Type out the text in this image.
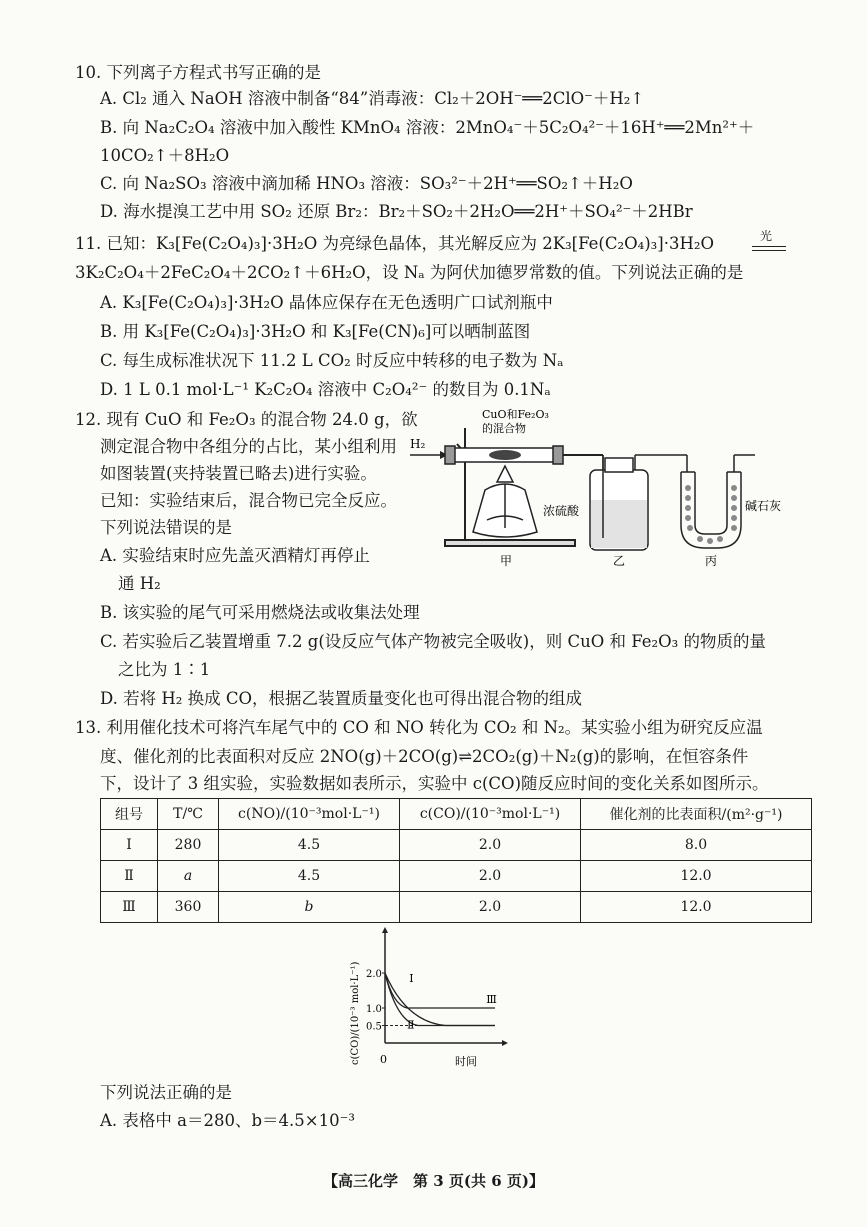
10. 下列离子方程式书写正确的是
A. Cl₂ 通入 NaOH 溶液中制备“84”消毒液：Cl₂＋2OH⁻══2ClO⁻＋H₂↑
B. 向 Na₂C₂O₄ 溶液中加入酸性 KMnO₄ 溶液：2MnO₄⁻＋5C₂O₄²⁻＋16H⁺══2Mn²⁺＋
10CO₂↑＋8H₂O
C. 向 Na₂SO₃ 溶液中滴加稀 HNO₃ 溶液：SO₃²⁻＋2H⁺══SO₂↑＋H₂O
D. 海水提溴工艺中用 SO₂ 还原 Br₂：Br₂＋SO₂＋2H₂O══2H⁺＋SO₄²⁻＋2HBr
11. 已知：K₃[Fe(C₂O₄)₃]·3H₂O 为亮绿色晶体，其光解反应为 2K₃[Fe(C₂O₄)₃]·3H₂O	光
3K₂C₂O₄＋2FeC₂O₄＋2CO₂↑＋6H₂O，设 Nₐ 为阿伏加德罗常数的值。下列说法正确的是
A. K₃[Fe(C₂O₄)₃]·3H₂O 晶体应保存在无色透明广口试剂瓶中
B. 用 K₃[Fe(C₂O₄)₃]·3H₂O 和 K₃[Fe(CN)₆]可以晒制蓝图
C. 每生成标准状况下 11.2 L CO₂ 时反应中转移的电子数为 Nₐ
D. 1 L 0.1 mol·L⁻¹ K₂C₂O₄ 溶液中 C₂O₄²⁻ 的数目为 0.1Nₐ
12. 现有 CuO 和 Fe₂O₃ 的混合物 24.0 g，欲
测定混合物中各组分的占比，某小组利用
如图装置(夹持装置已略去)进行实验。
已知：实验结束后，混合物已完全反应。
下列说法错误的是
A. 实验结束时应先盖灭酒精灯再停止
通 H₂
B. 该实验的尾气可采用燃烧法或收集法处理
C. 若实验后乙装置增重 7.2 g(设反应气体产物被完全吸收)，则 CuO 和 Fe₂O₃ 的物质的量
之比为 1∶1
D. 若将 H₂ 换成 CO，根据乙装置质量变化也可得出混合物的组成
CuO和Fe₂O₃
的混合物
H₂
甲
浓硫酸
乙
碱石灰
丙
13. 利用催化技术可将汽车尾气中的 CO 和 NO 转化为 CO₂ 和 N₂。某实验小组为研究反应温
度、催化剂的比表面积对反应 2NO(g)＋2CO(g)⇌2CO₂(g)＋N₂(g)的影响，在恒容条件
下，设计了 3 组实验，实验数据如表所示，实验中 c(CO)随反应时间的变化关系如图所示。
组号	T/℃	c(NO)/(10⁻³mol·L⁻¹)	c(CO)/(10⁻³mol·L⁻¹)	催化剂的比表面积/(m²·g⁻¹)
Ⅰ	280	4.5	2.0	8.0
Ⅱ	a	4.5	2.0	12.0
Ⅲ	360	b	2.0	12.0
c(CO)/(10⁻³ mol·L⁻¹) 0	时间
2.0
1.0
0.5
Ⅰ
Ⅱ
Ⅲ
下列说法正确的是
A. 表格中 a＝280、b＝4.5×10⁻³
【高三化学　第 3 页(共 6 页)】
